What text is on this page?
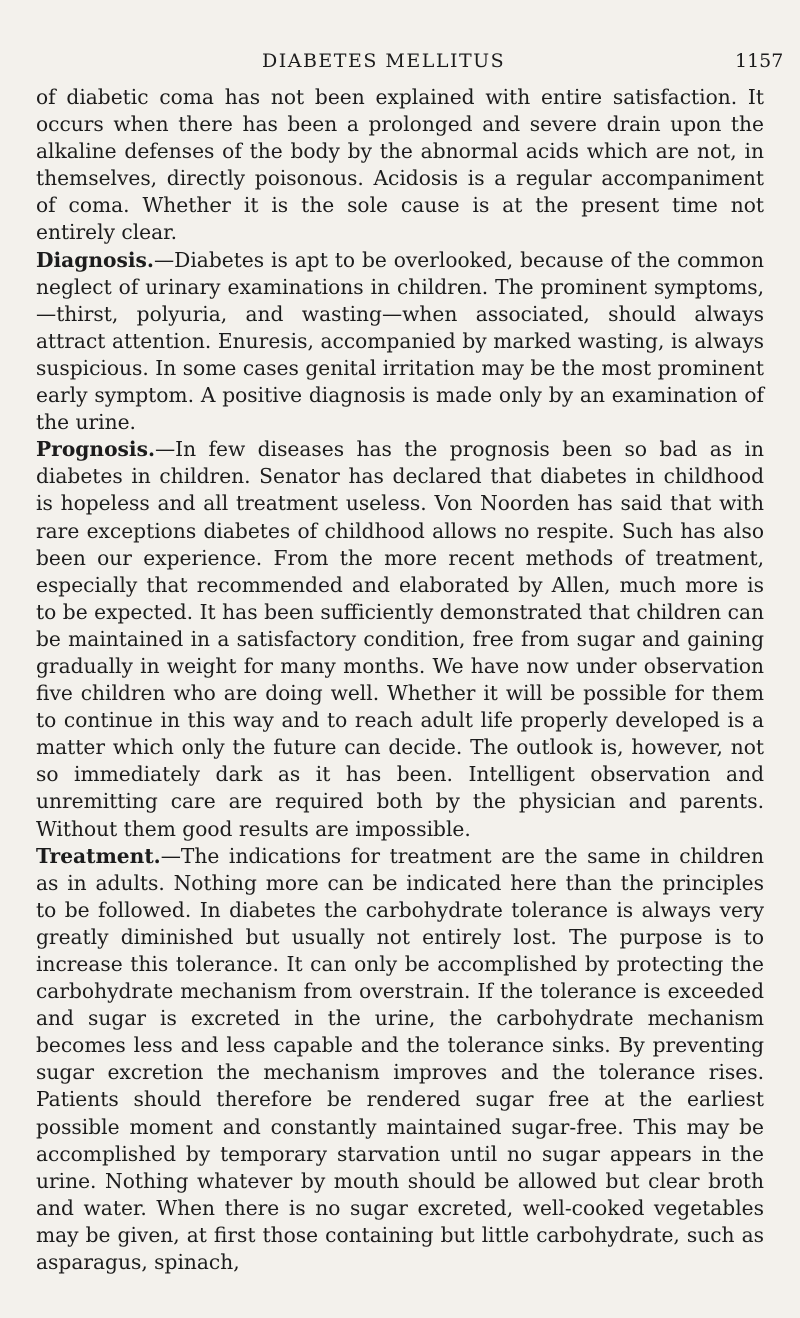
DIABETES MELLITUS	1157

of diabetic coma has not been explained with entire satisfaction. It occurs when there has been a prolonged and severe drain upon the alkaline defenses of the body by the abnormal acids which are not, in themselves, directly poisonous. Acidosis is a regular accompaniment of coma. Whether it is the sole cause is at the present time not entirely clear.

Diagnosis.—Diabetes is apt to be overlooked, because of the common neglect of urinary examinations in children. The prominent symptoms,—thirst, polyuria, and wasting—when associated, should always attract attention. Enuresis, accompanied by marked wasting, is always suspicious. In some cases genital irritation may be the most prominent early symptom. A positive diagnosis is made only by an examination of the urine.

Prognosis.—In few diseases has the prognosis been so bad as in diabetes in children. Senator has declared that diabetes in childhood is hopeless and all treatment useless. Von Noorden has said that with rare exceptions diabetes of childhood allows no respite. Such has also been our experience. From the more recent methods of treatment, especially that recommended and elaborated by Allen, much more is to be expected. It has been sufficiently demonstrated that children can be maintained in a satisfactory condition, free from sugar and gaining gradually in weight for many months. We have now under observation five children who are doing well. Whether it will be possible for them to continue in this way and to reach adult life properly developed is a matter which only the future can decide. The outlook is, however, not so immediately dark as it has been. Intelligent observation and unremitting care are required both by the physician and parents. Without them good results are impossible.

Treatment.—The indications for treatment are the same in children as in adults. Nothing more can be indicated here than the principles to be followed. In diabetes the carbohydrate tolerance is always very greatly diminished but usually not entirely lost. The purpose is to increase this tolerance. It can only be accomplished by protecting the carbohydrate mechanism from overstrain. If the tolerance is exceeded and sugar is excreted in the urine, the carbohydrate mechanism becomes less and less capable and the tolerance sinks. By preventing sugar excretion the mechanism improves and the tolerance rises. Patients should therefore be rendered sugar free at the earliest possible moment and constantly maintained sugar-free. This may be accomplished by temporary starvation until no sugar appears in the urine. Nothing whatever by mouth should be allowed but clear broth and water. When there is no sugar excreted, well-cooked vegetables may be given, at first those containing but little carbohydrate, such as asparagus, spinach,
